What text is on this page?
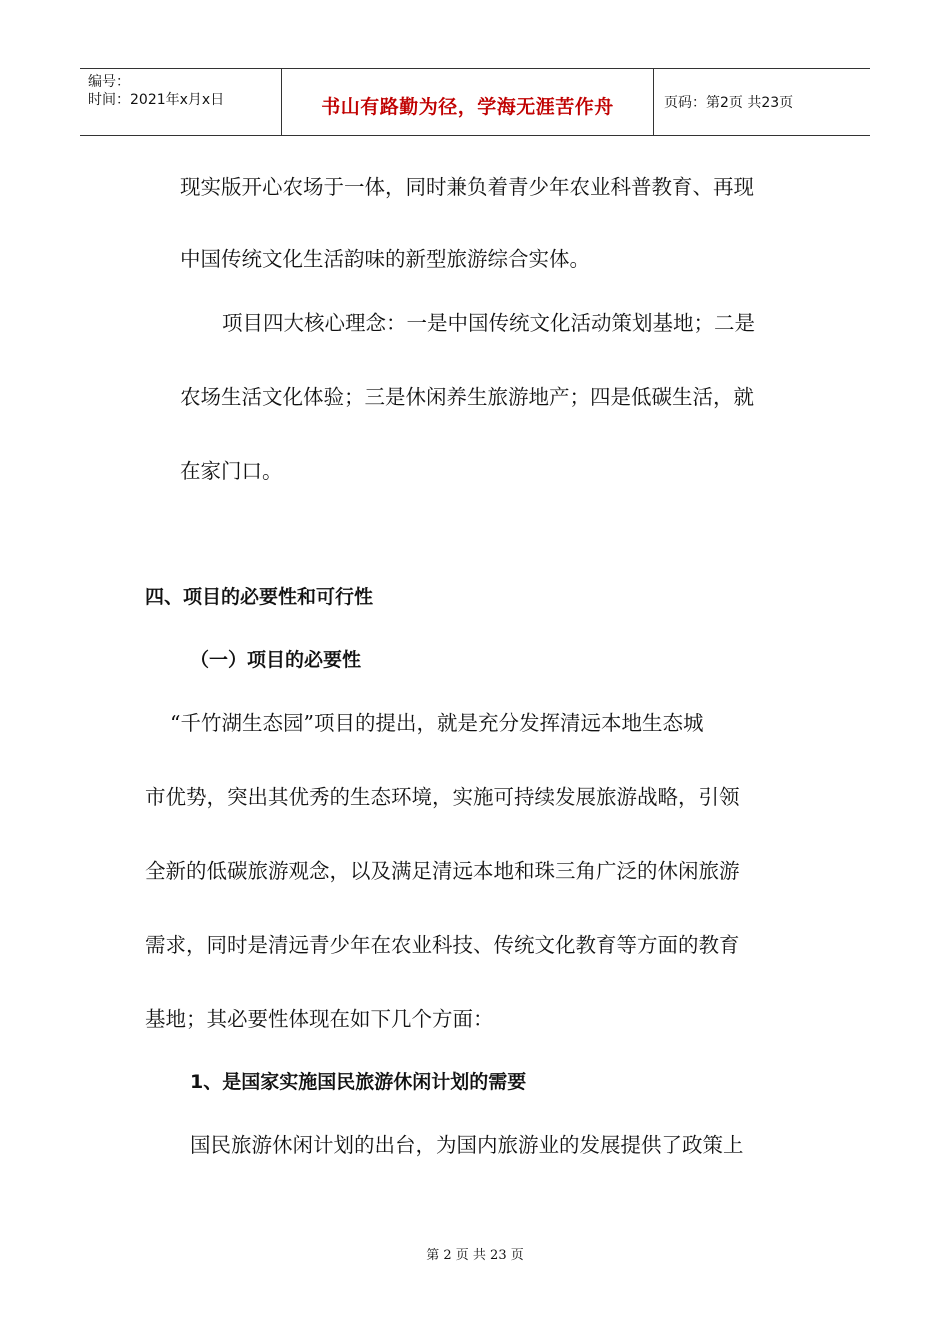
编号：
时间：2021年x月x日	书山有路勤为径，学海无涯苦作舟	页码：第2页 共23页

现实版开心农场于一体，同时兼负着青少年农业科普教育、再现

中国传统文化生活韵味的新型旅游综合实体。

项目四大核心理念：一是中国传统文化活动策划基地；二是

农场生活文化体验；三是休闲养生旅游地产；四是低碳生活，就

在家门口。

四、项目的必要性和可行性

（一）项目的必要性

“千竹湖生态园”项目的提出，就是充分发挥清远本地生态城

市优势，突出其优秀的生态环境，实施可持续发展旅游战略，引领

全新的低碳旅游观念，以及满足清远本地和珠三角广泛的休闲旅游

需求，同时是清远青少年在农业科技、传统文化教育等方面的教育

基地；其必要性体现在如下几个方面：

1、是国家实施国民旅游休闲计划的需要

国民旅游休闲计划的出台，为国内旅游业的发展提供了政策上

第 2 页 共 23 页
